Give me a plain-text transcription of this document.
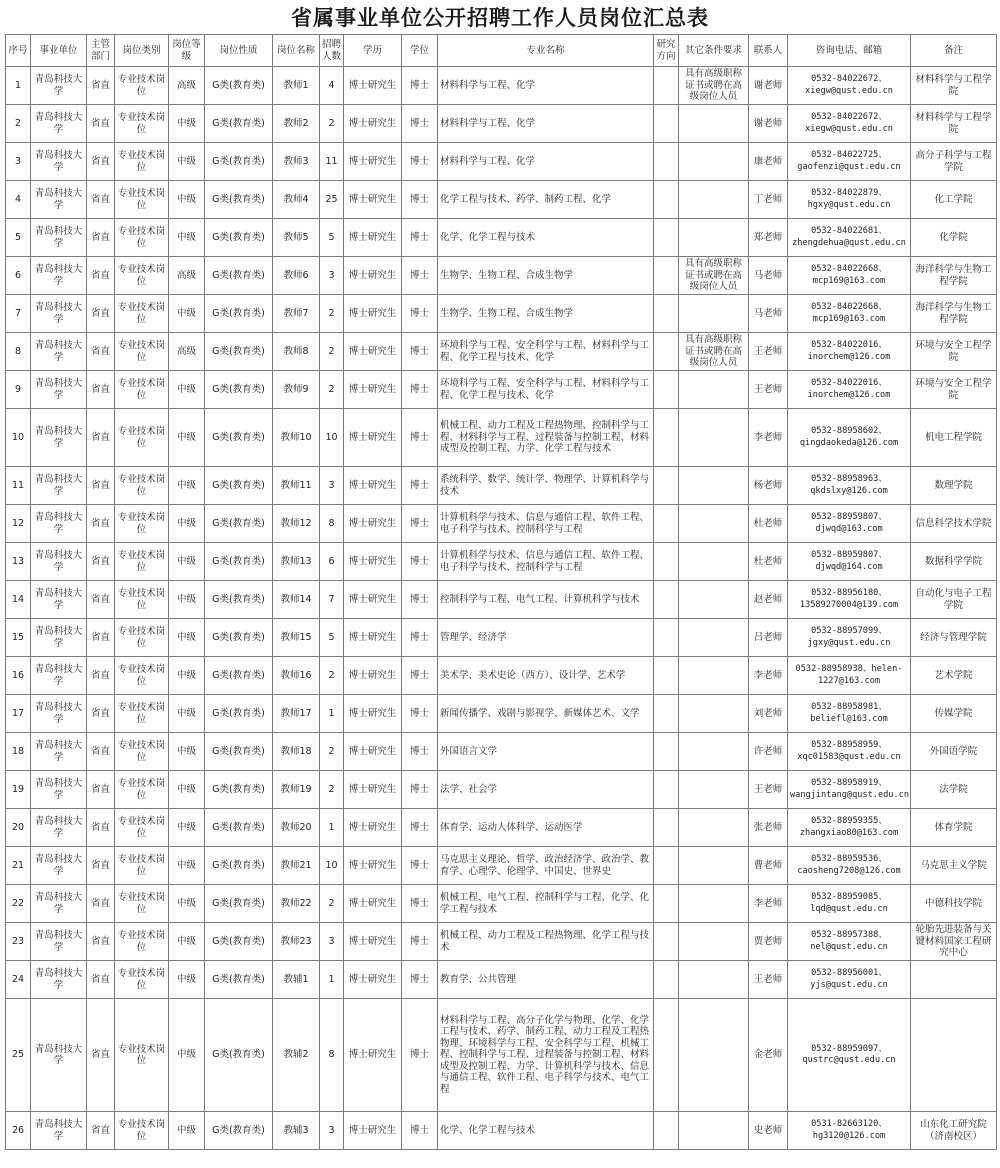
省属事业单位公开招聘工作人员岗位汇总表
序号	事业单位	主管部门	岗位类别	岗位等级	岗位性质	岗位名称	招聘人数	学历	学位	专业名称	研究方向	其它条件要求	联系人	咨询电话、邮箱	备注
1	青岛科技大学	省直	专业技术岗位	高级	G类(教育类)	教师1	4	博士研究生	博士	材料科学与工程、化学		具有高级职称证书或聘在高级岗位人员	谢老师	0532-84022672、xiegw@qust.edu.cn	材料科学与工程学院
2	青岛科技大学	省直	专业技术岗位	中级	G类(教育类)	教师2	2	博士研究生	博士	材料科学与工程、化学			谢老师	0532-84022672、xiegw@qust.edu.cn	材料科学与工程学院
3	青岛科技大学	省直	专业技术岗位	中级	G类(教育类)	教师3	11	博士研究生	博士	材料科学与工程、化学			康老师	0532-84022725、gaofenzi@qust.edu.cn	高分子科学与工程学院
4	青岛科技大学	省直	专业技术岗位	中级	G类(教育类)	教师4	25	博士研究生	博士	化学工程与技术、药学、制药工程、化学			丁老师	0532-84022879、hgxy@qust.edu.cn	化工学院
5	青岛科技大学	省直	专业技术岗位	中级	G类(教育类)	教师5	5	博士研究生	博士	化学、化学工程与技术			郑老师	0532-84022681、zhengdehua@qust.edu.cn	化学院
6	青岛科技大学	省直	专业技术岗位	高级	G类(教育类)	教师6	3	博士研究生	博士	生物学、生物工程、合成生物学		具有高级职称证书或聘在高级岗位人员	马老师	0532-84022668、mcp169@163.com	海洋科学与生物工程学院
7	青岛科技大学	省直	专业技术岗位	中级	G类(教育类)	教师7	2	博士研究生	博士	生物学、生物工程、合成生物学			马老师	0532-84022668、mcp169@163.com	海洋科学与生物工程学院
8	青岛科技大学	省直	专业技术岗位	高级	G类(教育类)	教师8	2	博士研究生	博士	环境科学与工程、安全科学与工程、材料科学与工程、化学工程与技术、化学		具有高级职称证书或聘在高级岗位人员	王老师	0532-84022016、inorchem@126.com	环境与安全工程学院
9	青岛科技大学	省直	专业技术岗位	中级	G类(教育类)	教师9	2	博士研究生	博士	环境科学与工程、安全科学与工程、材料科学与工程、化学工程与技术、化学			王老师	0532-84022016、inorchem@126.com	环境与安全工程学院
10	青岛科技大学	省直	专业技术岗位	中级	G类(教育类)	教师10	10	博士研究生	博士	机械工程、动力工程及工程热物理、控制科学与工程、材料科学与工程、过程装备与控制工程、材料成型及控制工程、力学、化学工程与技术			李老师	0532-88958602、qingdaokeda@126.com	机电工程学院
11	青岛科技大学	省直	专业技术岗位	中级	G类(教育类)	教师11	3	博士研究生	博士	系统科学、数学、统计学、物理学、计算机科学与技术			杨老师	0532-88958963、qkdslxy@126.com	数理学院
12	青岛科技大学	省直	专业技术岗位	中级	G类(教育类)	教师12	8	博士研究生	博士	计算机科学与技术、信息与通信工程、软件工程、电子科学与技术、控制科学与工程			杜老师	0532-88959807、djwqd@163.com	信息科学技术学院
13	青岛科技大学	省直	专业技术岗位	中级	G类(教育类)	教师13	6	博士研究生	博士	计算机科学与技术、信息与通信工程、软件工程、电子科学与技术、控制科学与工程			杜老师	0532-88959807、djwqd@164.com	数据科学学院
14	青岛科技大学	省直	专业技术岗位	中级	G类(教育类)	教师14	7	博士研究生	博士	控制科学与工程、电气工程、计算机科学与技术			赵老师	0532-88956180、13589270004@139.com	自动化与电子工程学院
15	青岛科技大学	省直	专业技术岗位	中级	G类(教育类)	教师15	5	博士研究生	博士	管理学、经济学			吕老师	0532-88957099、jgxy@qust.edu.cn	经济与管理学院
16	青岛科技大学	省直	专业技术岗位	中级	G类(教育类)	教师16	2	博士研究生	博士	美术学、美术史论（西方）、设计学、艺术学			李老师	0532-88958938、helen-1227@163.com	艺术学院
17	青岛科技大学	省直	专业技术岗位	中级	G类(教育类)	教师17	1	博士研究生	博士	新闻传播学、戏剧与影视学、新媒体艺术、文学			刘老师	0532-88958981、beliefl@163.com	传媒学院
18	青岛科技大学	省直	专业技术岗位	中级	G类(教育类)	教师18	2	博士研究生	博士	外国语言文学			许老师	0532-88958959、xqc01583@qust.edu.cn	外国语学院
19	青岛科技大学	省直	专业技术岗位	中级	G类(教育类)	教师19	2	博士研究生	博士	法学、社会学			王老师	0532-88958919、wangjintang@qust.edu.cn	法学院
20	青岛科技大学	省直	专业技术岗位	中级	G类(教育类)	教师20	1	博士研究生	博士	体育学、运动人体科学、运动医学			张老师	0532-88959355、zhangxiao80@163.com	体育学院
21	青岛科技大学	省直	专业技术岗位	中级	G类(教育类)	教师21	10	博士研究生	博士	马克思主义理论、哲学、政治经济学、政治学、教育学、心理学、伦理学、中国史、世界史			曹老师	0532-88959536、caosheng7208@126.com	马克思主义学院
22	青岛科技大学	省直	专业技术岗位	中级	G类(教育类)	教师22	2	博士研究生	博士	机械工程、电气工程、控制科学与工程、化学、化学工程与技术			李老师	0532-88959085、lqd@qust.edu.cn	中德科技学院
23	青岛科技大学	省直	专业技术岗位	中级	G类(教育类)	教师23	3	博士研究生	博士	机械工程、动力工程及工程热物理、化学工程与技术			贾老师	0532-88957388、nel@qust.edu.cn	轮胎先进装备与关键材料国家工程研究中心
24	青岛科技大学	省直	专业技术岗位	中级	G类(教育类)	教辅1	1	博士研究生	博士	教育学、公共管理			王老师	0532-88956001、yjs@qust.edu.cn	
25	青岛科技大学	省直	专业技术岗位	中级	G类(教育类)	教辅2	8	博士研究生	博士	材料科学与工程、高分子化学与物理、化学、化学工程与技术、药学、制药工程、动力工程及工程热物理、环境科学与工程、安全科学与工程、机械工程、控制科学与工程、过程装备与控制工程、材料成型及控制工程、力学、计算机科学与技术、信息与通信工程、软件工程、电子科学与技术、电气工程			金老师	0532-88959097、qustrc@qust.edu.cn	
26	青岛科技大学	省直	专业技术岗位	中级	G类(教育类)	教辅3	3	博士研究生	博士	化学、化学工程与技术			史老师	0531-82663120、hg3120@126.com	山东化工研究院（济南校区）
